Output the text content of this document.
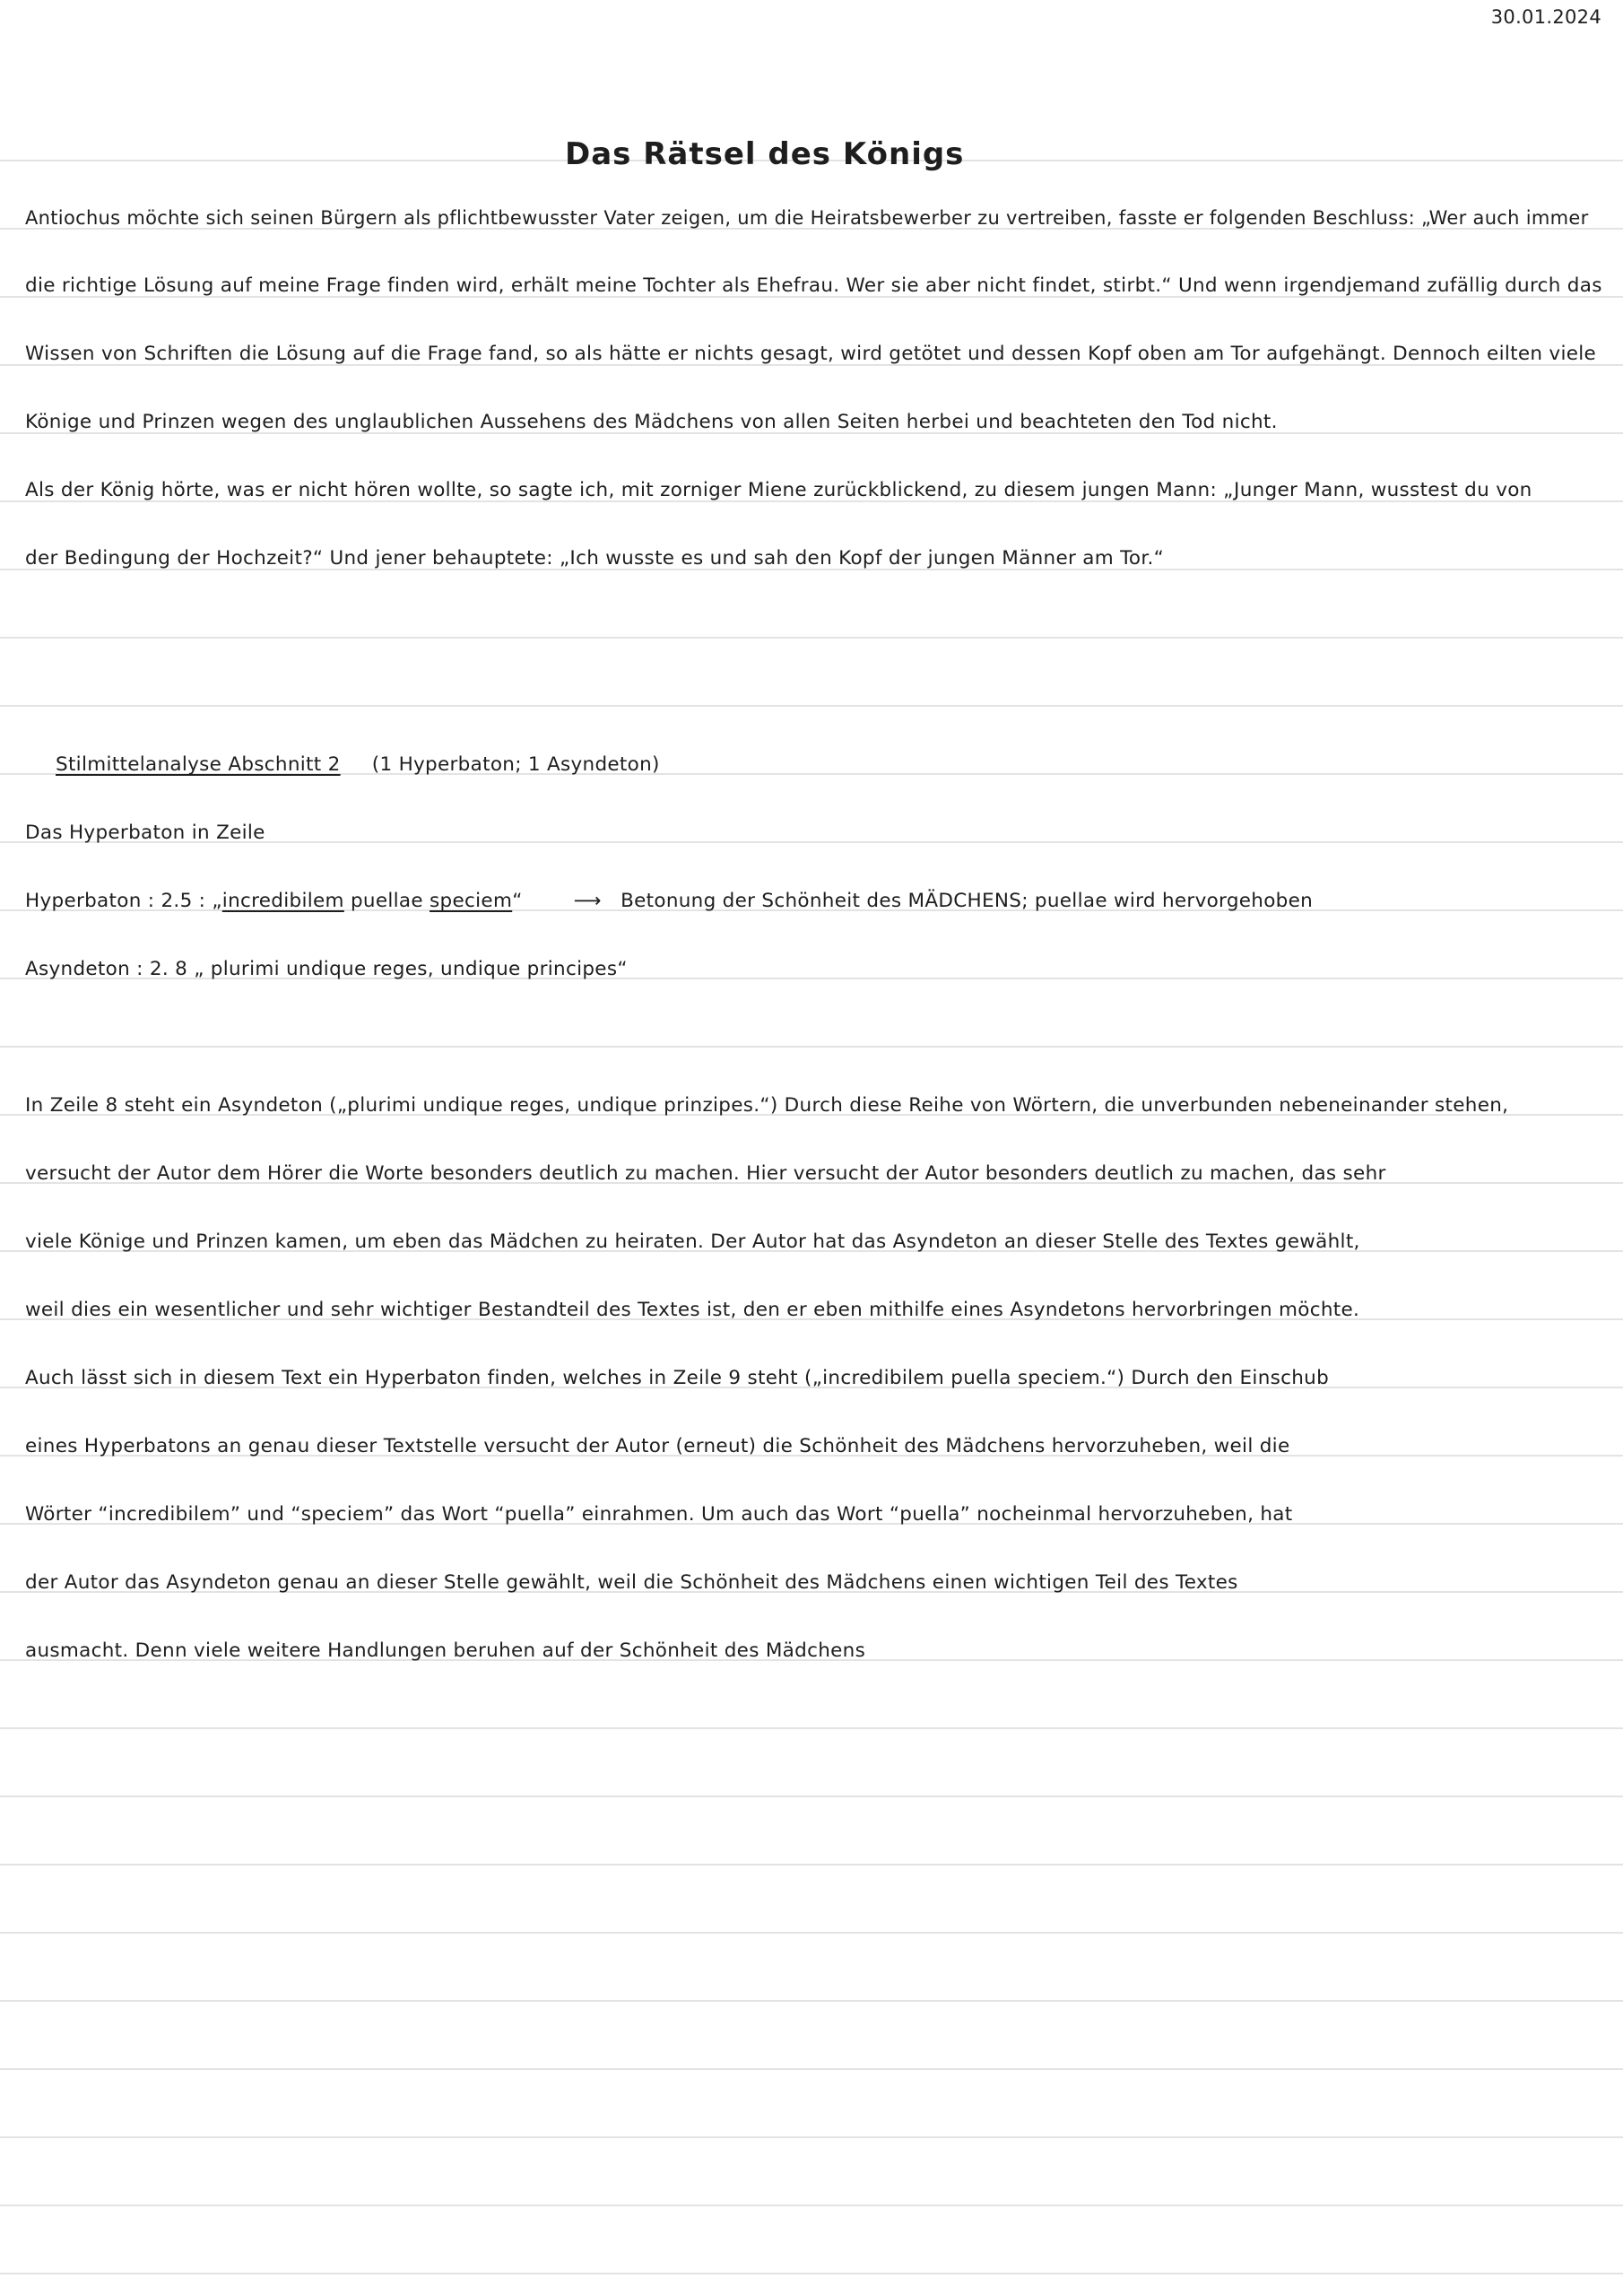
30.01.2024
Das Rätsel des Königs
Antiochus möchte sich seinen Bürgern als pflichtbewusster Vater zeigen, um die Heiratsbewerber zu vertreiben, fasste er folgenden Beschluss: „Wer auch immer
die richtige Lösung auf meine Frage finden wird, erhält meine Tochter als Ehefrau. Wer sie aber nicht findet, stirbt.“ Und wenn irgendjemand zufällig durch das
Wissen von Schriften die Lösung auf die Frage fand, so als hätte er nichts gesagt, wird getötet und dessen Kopf oben am Tor aufgehängt. Dennoch eilten viele
Könige und Prinzen wegen des unglaublichen Aussehens des Mädchens von allen Seiten herbei und beachteten den Tod nicht.
Als der König hörte, was er nicht hören wollte, so sagte ich, mit zorniger Miene zurückblickend, zu diesem jungen Mann: „Junger Mann, wusstest du von
der Bedingung der Hochzeit?“ Und jener behauptete: „Ich wusste es und sah den Kopf der jungen Männer am Tor.“
Stilmittelanalyse Abschnitt 2 (1 Hyperbaton; 1 Asyndeton)
Das Hyperbaton in Zeile
Hyperbaton : 2.5 : „incredibilem puellae speciem“	⟶ Betonung der Schönheit des MÄDCHENS; puellae wird hervorgehoben
Asyndeton : 2. 8 „ plurimi undique reges, undique principes“
In Zeile 8 steht ein Asyndeton („plurimi undique reges, undique prinzipes.“) Durch diese Reihe von Wörtern, die unverbunden nebeneinander stehen,
versucht der Autor dem Hörer die Worte besonders deutlich zu machen. Hier versucht der Autor besonders deutlich zu machen, das sehr
viele Könige und Prinzen kamen, um eben das Mädchen zu heiraten. Der Autor hat das Asyndeton an dieser Stelle des Textes gewählt,
weil dies ein wesentlicher und sehr wichtiger Bestandteil des Textes ist, den er eben mithilfe eines Asyndetons hervorbringen möchte.
Auch lässt sich in diesem Text ein Hyperbaton finden, welches in Zeile 9 steht („incredibilem puella speciem.“) Durch den Einschub
eines Hyperbatons an genau dieser Textstelle versucht der Autor (erneut) die Schönheit des Mädchens hervorzuheben, weil die
Wörter “incredibilem” und “speciem” das Wort “puella” einrahmen. Um auch das Wort “puella” nocheinmal hervorzuheben, hat
der Autor das Asyndeton genau an dieser Stelle gewählt, weil die Schönheit des Mädchens einen wichtigen Teil des Textes
ausmacht. Denn viele weitere Handlungen beruhen auf der Schönheit des Mädchens
